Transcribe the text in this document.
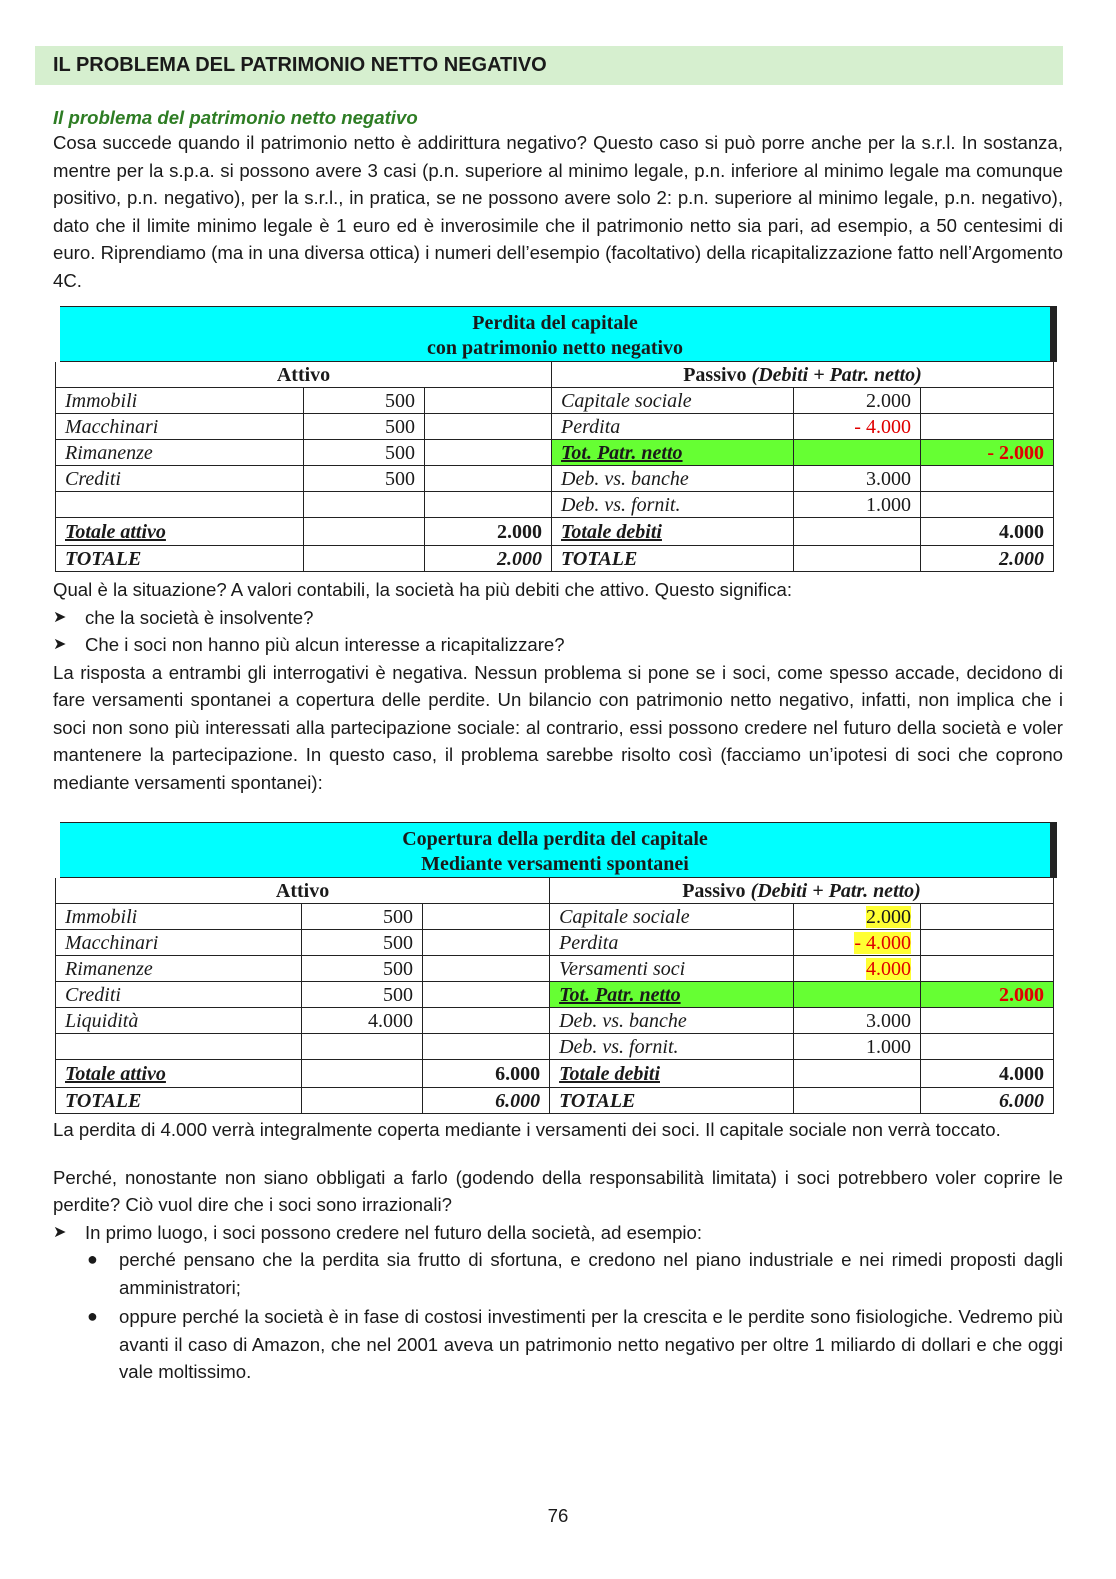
IL PROBLEMA DEL PATRIMONIO NETTO NEGATIVO
Il problema del patrimonio netto negativo

Cosa succede quando il patrimonio netto è addirittura negativo? Questo caso si può porre anche per la s.r.l. In sostanza, mentre per la s.p.a. si possono avere 3 casi (p.n. superiore al minimo legale, p.n. inferiore al minimo legale ma comunque positivo, p.n. negativo), per la s.r.l., in pratica, se ne possono avere solo 2: p.n. superiore al minimo legale, p.n. negativo), dato che il limite minimo legale è 1 euro ed è inverosimile che il patrimonio netto sia pari, ad esempio, a 50 centesimi di euro. Riprendiamo (ma in una diversa ottica) i numeri dell’esempio (facoltativo) della ricapitalizzazione fatto nell’Argomento 4C.

Perdita del capitale
con patrimonio netto negativo					

Attivo			Passivo (Debiti + Patr. netto)		
Immobili	500		Capitale sociale	2.000	
Macchinari	500		Perdita	- 4.000	
Rimanenze	500		Tot. Patr. netto		- 2.000
Crediti	500		Deb. vs. banche	3.000	
			Deb. vs. fornit.	1.000	
Totale attivo		2.000	Totale debiti		4.000
TOTALE		2.000	TOTALE		2.000

Qual è la situazione? A valori contabili, la società ha più debiti che attivo. Questo significa:

➤ che la società è insolvente?
➤ Che i soci non hanno più alcun interesse a ricapitalizzare?

La risposta a entrambi gli interrogativi è negativa. Nessun problema si pone se i soci, come spesso accade, decidono di fare versamenti spontanei a copertura delle perdite. Un bilancio con patrimonio netto negativo, infatti, non implica che i soci non sono più interessati alla partecipazione sociale: al contrario, essi possono credere nel futuro della società e voler mantenere la partecipazione. In questo caso, il problema sarebbe risolto così (facciamo un’ipotesi di soci che coprono mediante versamenti spontanei):

Copertura della perdita del capitale
Mediante versamenti spontanei					

Attivo			Passivo (Debiti + Patr. netto)		
Immobili	500		Capitale sociale	2.000	
Macchinari	500		Perdita	- 4.000	
Rimanenze	500		Versamenti soci	4.000	
Crediti	500		Tot. Patr. netto		2.000
Liquidità	4.000		Deb. vs. banche	3.000	
			Deb. vs. fornit.	1.000	
Totale attivo		6.000	Totale debiti		4.000
TOTALE		6.000	TOTALE		6.000

La perdita di 4.000 verrà integralmente coperta mediante i versamenti dei soci. Il capitale sociale non verrà toccato.

Perché, nonostante non siano obbligati a farlo (godendo della responsabilità limitata) i soci potrebbero voler coprire le perdite? Ciò vuol dire che i soci sono irrazionali?

➤ In primo luogo, i soci possono credere nel futuro della società, ad esempio:
● perché pensano che la perdita sia frutto di sfortuna, e credono nel piano industriale e nei rimedi proposti dagli amministratori;
● oppure perché la società è in fase di costosi investimenti per la crescita e le perdite sono fisiologiche. Vedremo più avanti il caso di Amazon, che nel 2001 aveva un patrimonio netto negativo per oltre 1 miliardo di dollari e che oggi vale moltissimo.
76
